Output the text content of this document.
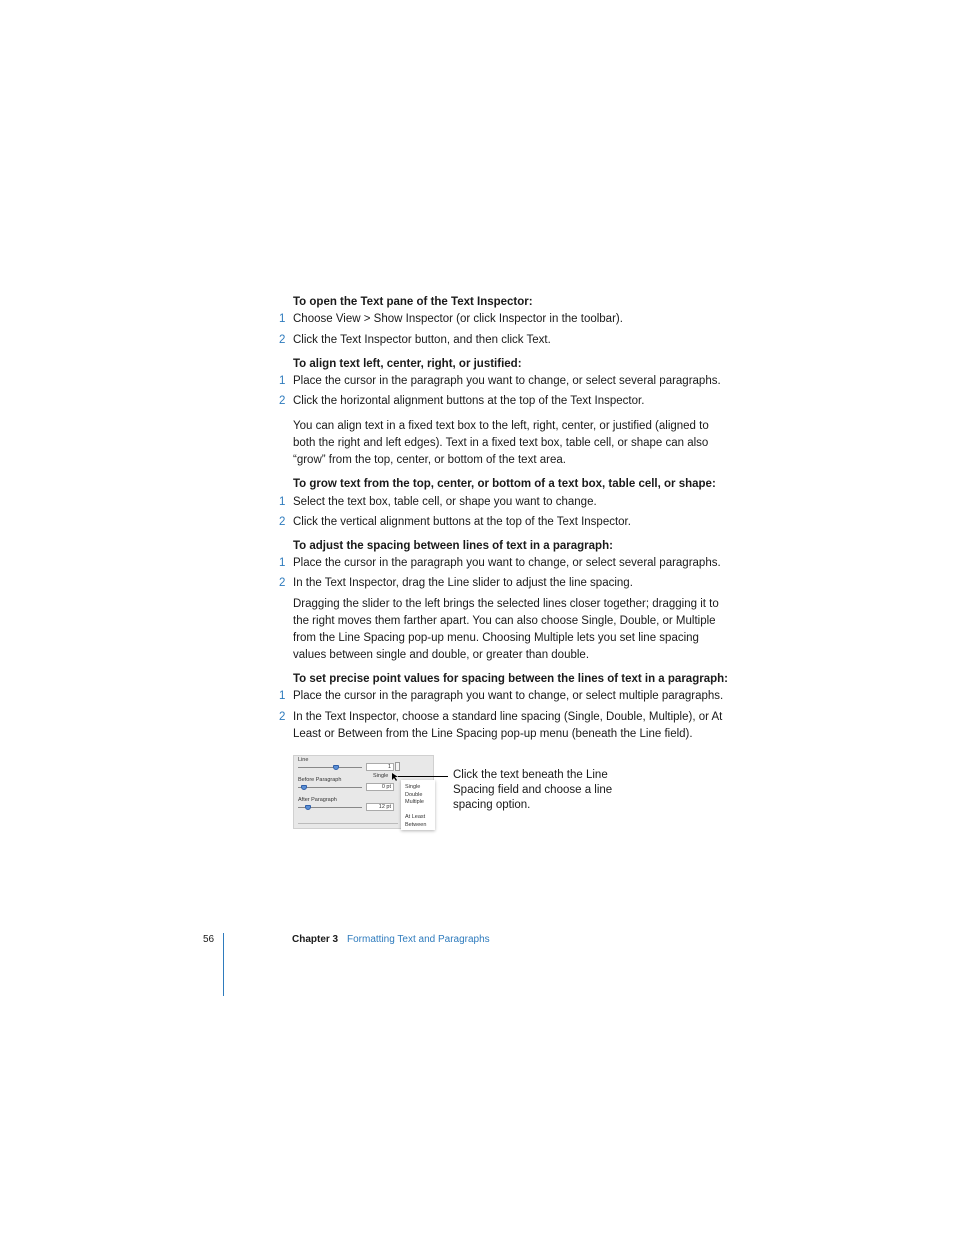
To open the Text pane of the Text Inspector:
1 Choose View > Show Inspector (or click Inspector in the toolbar).
2 Click the Text Inspector button, and then click Text.
To align text left, center, right, or justified:
1 Place the cursor in the paragraph you want to change, or select several paragraphs.
2 Click the horizontal alignment buttons at the top of the Text Inspector.
You can align text in a fixed text box to the left, right, center, or justified (aligned to
both the right and left edges). Text in a fixed text box, table cell, or shape can also
“grow” from the top, center, or bottom of the text area.
To grow text from the top, center, or bottom of a text box, table cell, or shape:
1 Select the text box, table cell, or shape you want to change.
2 Click the vertical alignment buttons at the top of the Text Inspector.
To adjust the spacing between lines of text in a paragraph:
1 Place the cursor in the paragraph you want to change, or select several paragraphs.
2 In the Text Inspector, drag the Line slider to adjust the line spacing.
Dragging the slider to the left brings the selected lines closer together; dragging it to
the right moves them farther apart. You can also choose Single, Double, or Multiple
from the Line Spacing pop-up menu. Choosing Multiple lets you set line spacing
values between single and double, or greater than double.
To set precise point values for spacing between the lines of text in a paragraph:
1 Place the cursor in the paragraph you want to change, or select multiple paragraphs.
2 In the Text Inspector, choose a standard line spacing (Single, Double, Multiple), or At
Least or Between from the Line Spacing pop-up menu (beneath the Line field).
Line
1
Single
Before Paragraph
0 pt
After Paragraph
12 pt
Single
Double
Multiple
At Least
Between
Click the text beneath the Line
Spacing field and choose a line
spacing option.
56	Chapter 3 Formatting Text and Paragraphs
